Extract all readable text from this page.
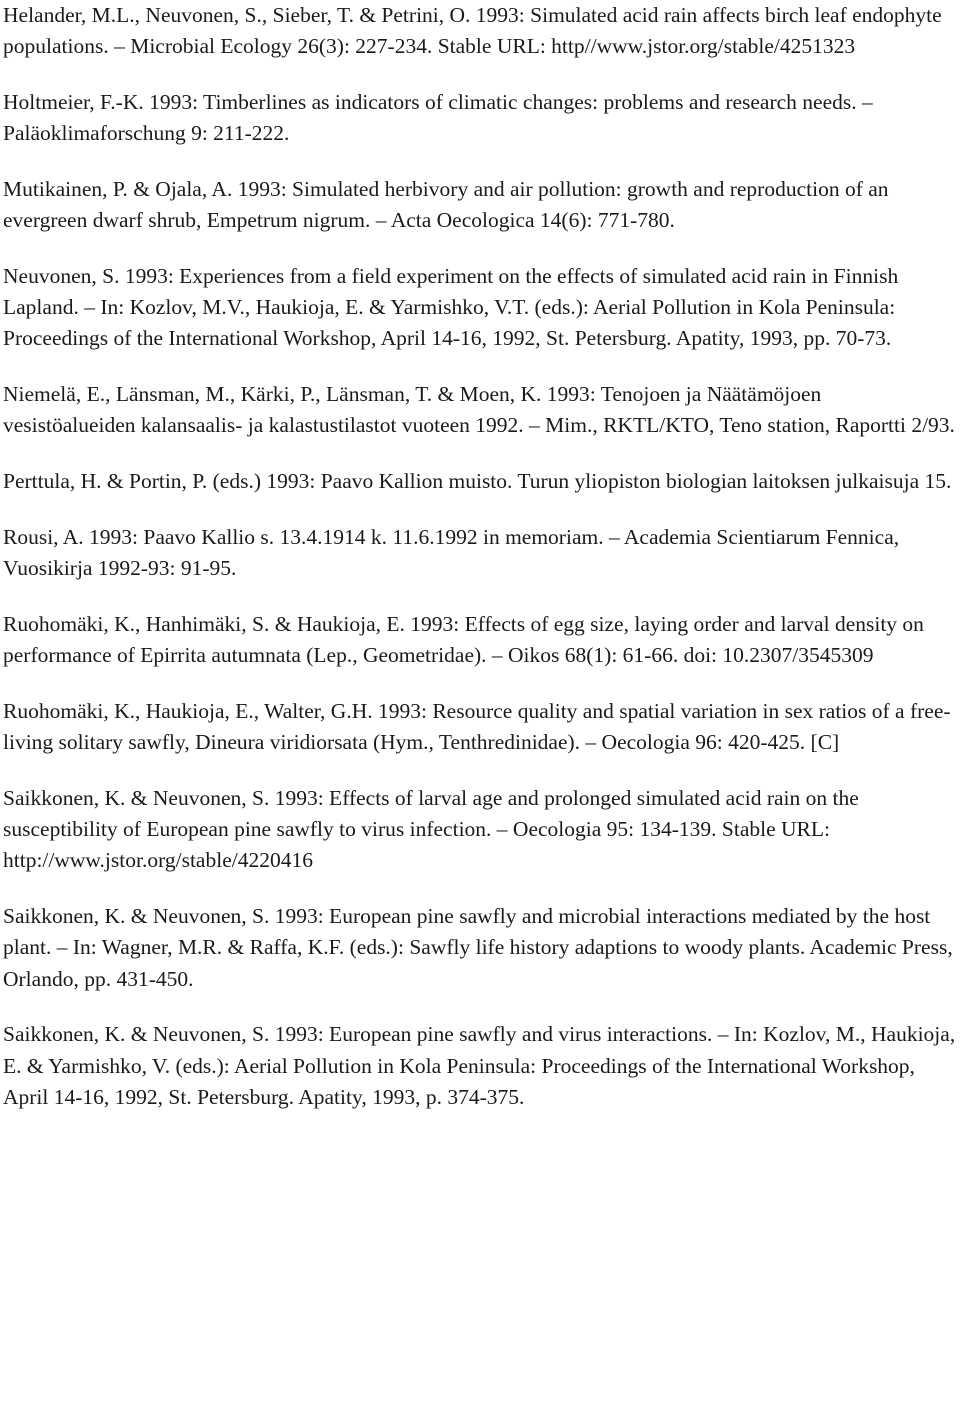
Helander, M.L., Neuvonen, S., Sieber, T. & Petrini, O. 1993: Simulated acid rain affects birch leaf endophyte populations. – Microbial Ecology 26(3): 227-234. Stable URL: http//www.jstor.org/stable/4251323

Holtmeier, F.-K. 1993: Timberlines as indicators of climatic changes: problems and research needs. – Paläoklimaforschung 9: 211-222.

Mutikainen, P. & Ojala, A. 1993: Simulated herbivory and air pollution: growth and reproduction of an evergreen dwarf shrub, Empetrum nigrum. – Acta Oecologica 14(6): 771-780.

Neuvonen, S. 1993: Experiences from a field experiment on the effects of simulated acid rain in Finnish Lapland. – In: Kozlov, M.V., Haukioja, E. & Yarmishko, V.T. (eds.): Aerial Pollution in Kola Peninsula: Proceedings of the International Workshop, April 14-16, 1992, St. Petersburg. Apatity, 1993, pp. 70-73.

Niemelä, E., Länsman, M., Kärki, P., Länsman, T. & Moen, K. 1993: Tenojoen ja Näätämöjoen vesistöalueiden kalansaalis- ja kalastustilastot vuoteen 1992. – Mim., RKTL/KTO, Teno station, Raportti 2/93.

Perttula, H. & Portin, P. (eds.) 1993: Paavo Kallion muisto. Turun yliopiston biologian laitoksen julkaisuja 15.

Rousi, A. 1993: Paavo Kallio s. 13.4.1914 k. 11.6.1992 in memoriam. – Academia Scientiarum Fennica, Vuosikirja 1992-93: 91-95.

Ruohomäki, K., Hanhimäki, S. & Haukioja, E. 1993: Effects of egg size, laying order and larval density on performance of Epirrita autumnata (Lep., Geometridae). – Oikos 68(1): 61-66. doi: 10.2307/3545309

Ruohomäki, K., Haukioja, E., Walter, G.H. 1993: Resource quality and spatial variation in sex ratios of a free-living solitary sawfly, Dineura viridiorsata (Hym., Tenthredinidae). – Oecologia 96: 420-425. [C]

Saikkonen, K. & Neuvonen, S. 1993: Effects of larval age and prolonged simulated acid rain on the susceptibility of European pine sawfly to virus infection. – Oecologia 95: 134-139. Stable URL: http://www.jstor.org/stable/4220416

Saikkonen, K. & Neuvonen, S. 1993: European pine sawfly and microbial interactions mediated by the host plant. – In: Wagner, M.R. & Raffa, K.F. (eds.): Sawfly life history adaptions to woody plants. Academic Press, Orlando, pp. 431-450.

Saikkonen, K. & Neuvonen, S. 1993: European pine sawfly and virus interactions. – In: Kozlov, M., Haukioja, E. & Yarmishko, V. (eds.): Aerial Pollution in Kola Peninsula: Proceedings of the International Workshop, April 14-16, 1992, St. Petersburg. Apatity, 1993, p. 374-375.
